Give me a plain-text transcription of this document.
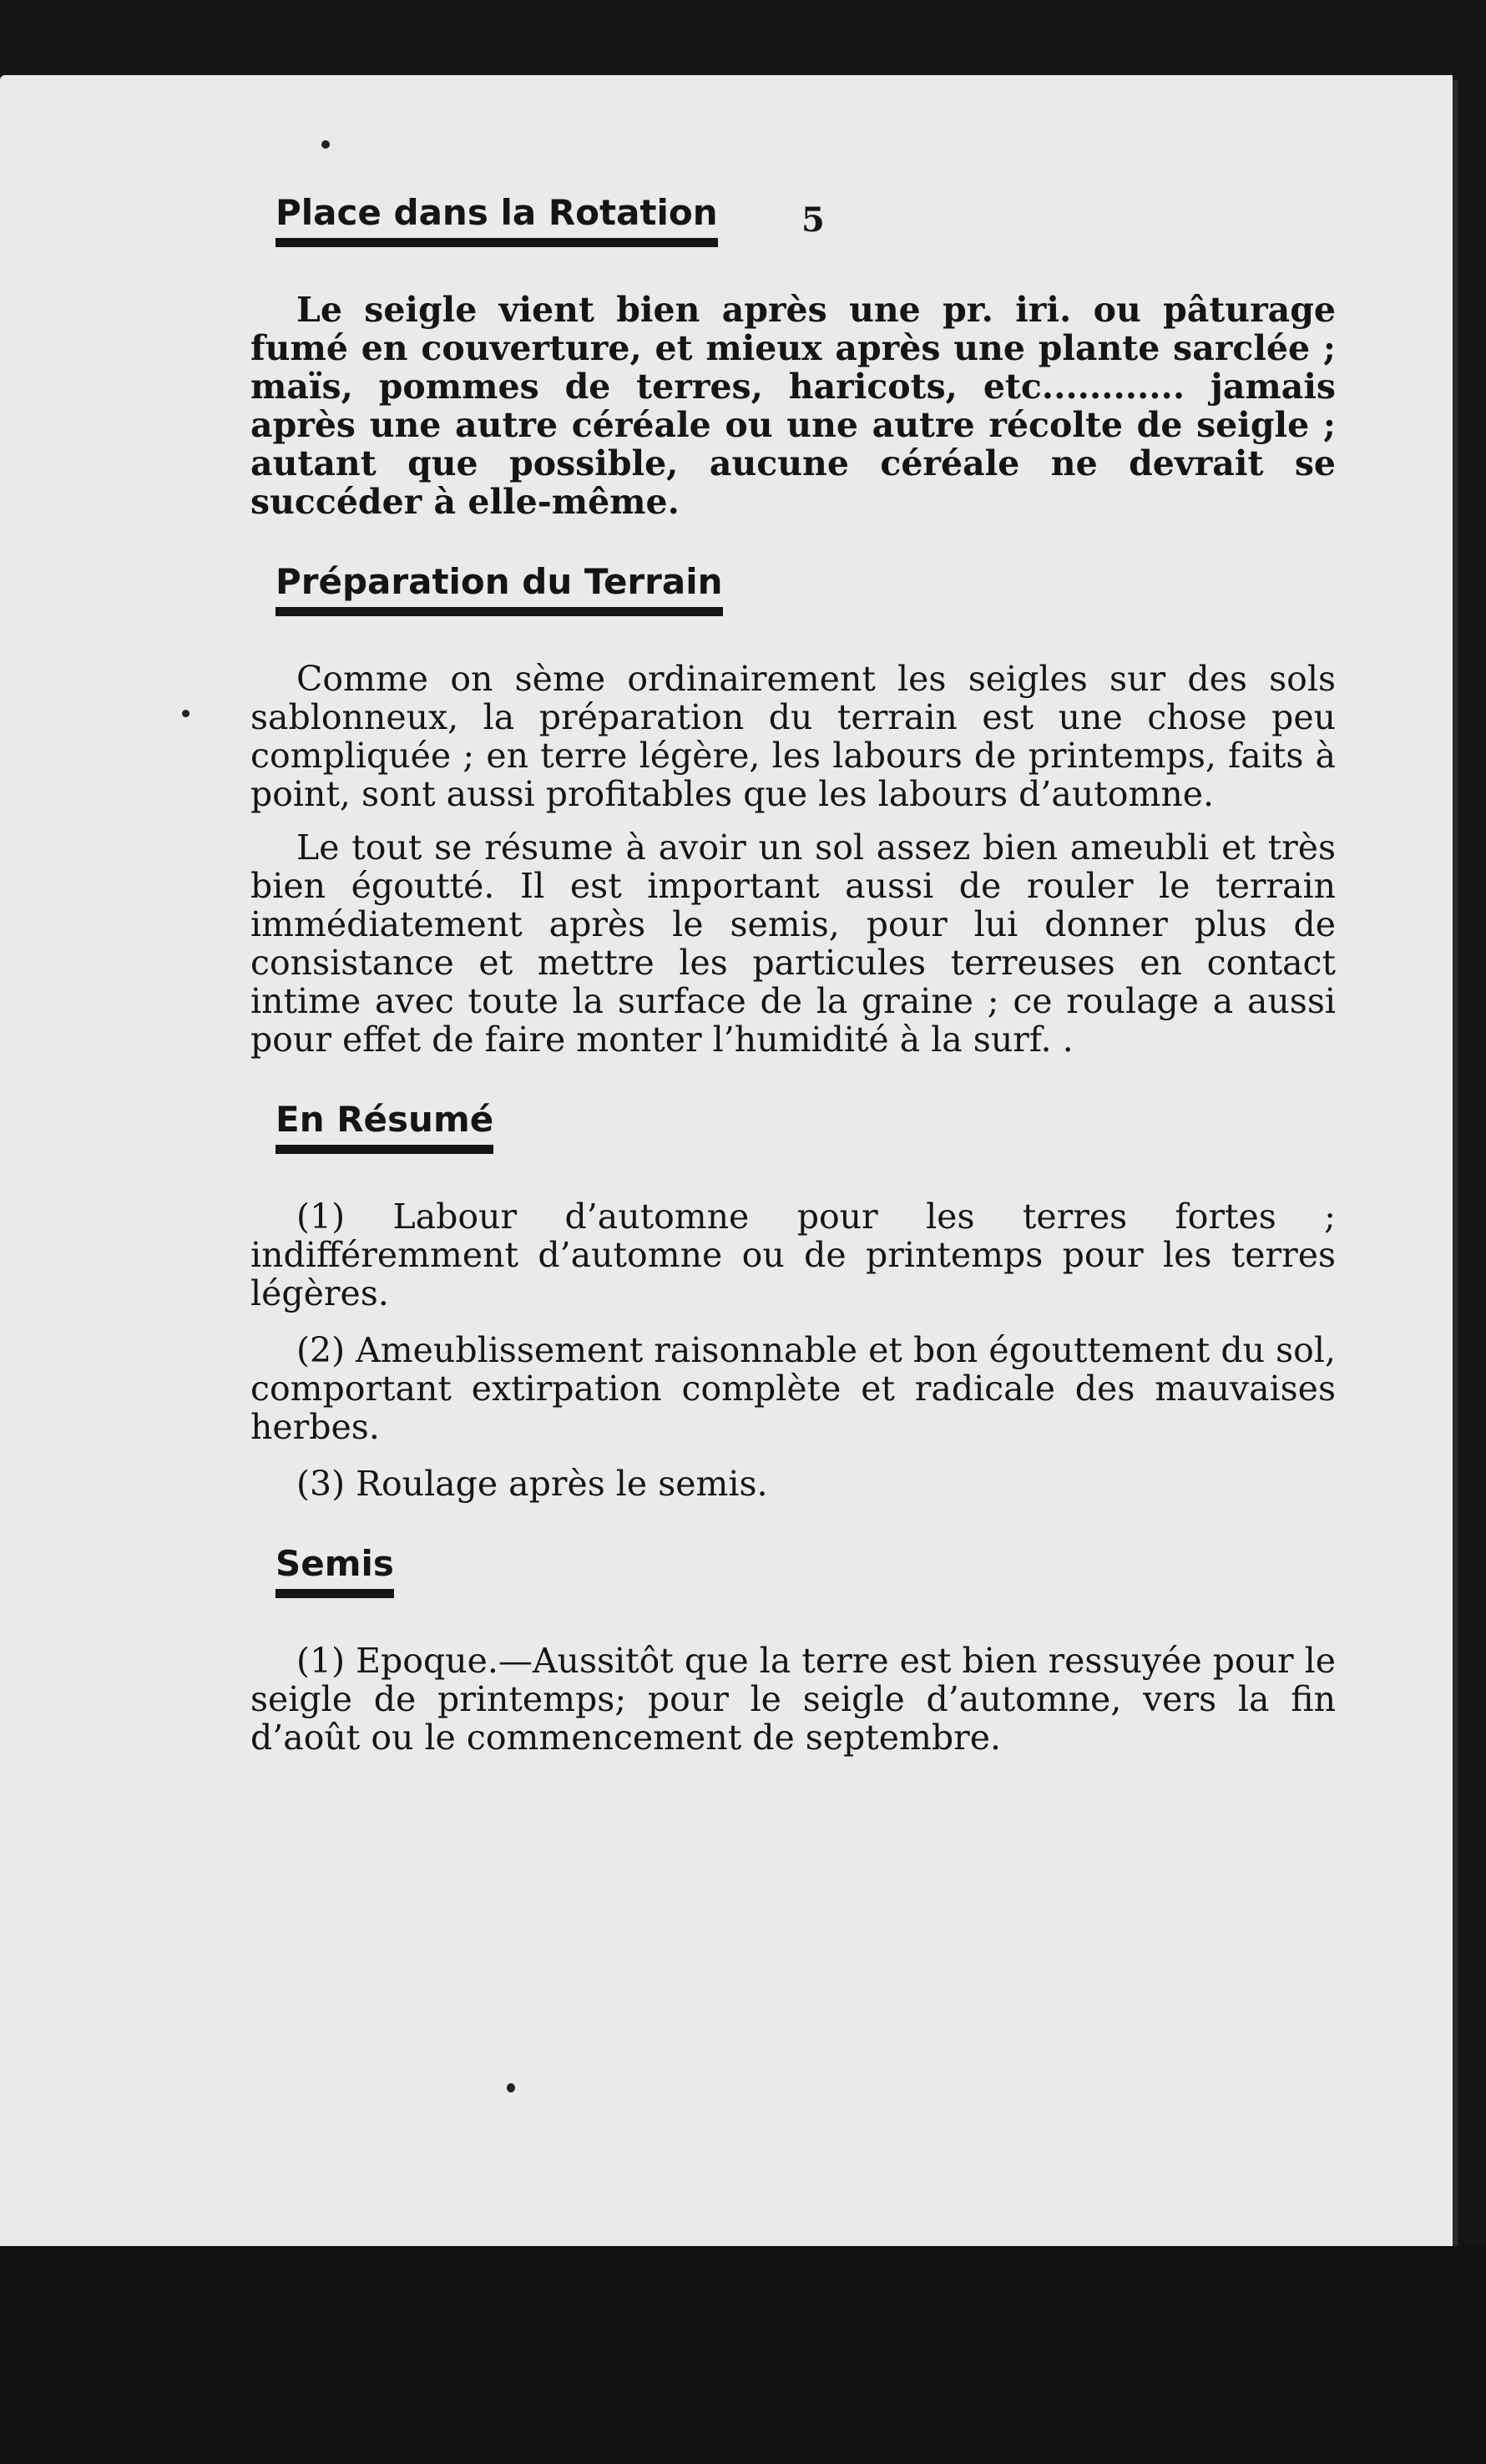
5
Place dans la Rotation

Le seigle vient bien après une pr. iri. ou pâturage fumé en couverture, et mieux après une plante sarclée ; maïs, pommes de terres, haricots, etc............ jamais après une autre céréale ou une autre récolte de seigle ; autant que possible, aucune céréale ne devrait se succéder à elle-même.

Préparation du Terrain

Comme on sème ordinairement les seigles sur des sols sablonneux, la préparation du terrain est une chose peu compliquée ; en terre légère, les labours de printemps, faits à point, sont aussi profitables que les labours d’automne.

Le tout se résume à avoir un sol assez bien ameubli et très bien égoutté. Il est important aussi de rouler le terrain immédiatement après le semis, pour lui donner plus de consistance et mettre les particules terreuses en contact intime avec toute la surface de la graine ; ce roulage a aussi pour effet de faire monter l’humidité à la surf. .

En Résumé

(1) Labour d’automne pour les terres fortes ; indifféremment d’automne ou de printemps pour les terres légères.

(2) Ameublissement raisonnable et bon égouttement du sol, comportant extirpation complète et radicale des mauvaises herbes.

(3) Roulage après le semis.

Semis

(1) Epoque.—Aussitôt que la terre est bien ressuyée pour le seigle de printemps; pour le seigle d’automne, vers la fin d’août ou le commencement de septembre.
